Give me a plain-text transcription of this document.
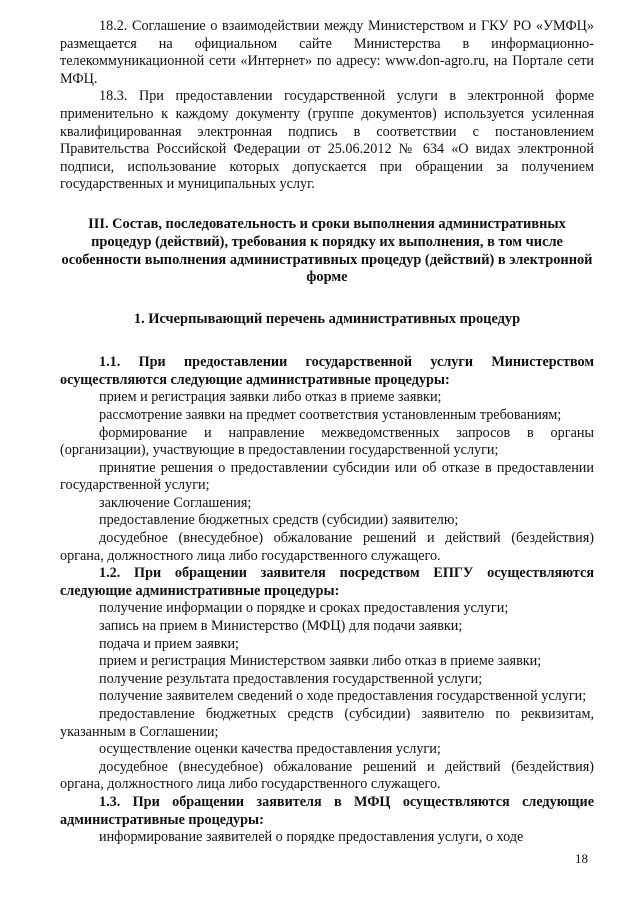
18.2. Соглашение о взаимодействии между Министерством и ГКУ РО «УМФЦ» размещается на официальном сайте Министерства в информационно-телекоммуникационной сети «Интернет» по адресу: www.don-agro.ru, на Портале сети МФЦ.

18.3. При предоставлении государственной услуги в электронной форме применительно к каждому документу (группе документов) используется усиленная квалифицированная электронная подпись в соответствии с постановлением Правительства Российской Федерации от 25.06.2012 № 634 «О видах электронной подписи, использование которых допускается при обращении за получением государственных и муниципальных услуг.

III. Состав, последовательность и сроки выполнения административных процедур (действий), требования к порядку их выполнения, в том числе особенности выполнения административных процедур (действий) в электронной форме
1. Исчерпывающий перечень административных процедур

1.1. При предоставлении государственной услуги Министерством осуществляются следующие административные процедуры:

прием и регистрация заявки либо отказ в приеме заявки;

рассмотрение заявки на предмет соответствия установленным требованиям;

формирование и направление межведомственных запросов в органы (организации), участвующие в предоставлении государственной услуги;

принятие решения о предоставлении субсидии или об отказе в предоставлении государственной услуги;

заключение Соглашения;

предоставление бюджетных средств (субсидии) заявителю;

досудебное (внесудебное) обжалование решений и действий (бездействия) органа, должностного лица либо государственного служащего.

1.2. При обращении заявителя посредством ЕПГУ осуществляются следующие административные процедуры:

получение информации о порядке и сроках предоставления услуги;

запись на прием в Министерство (МФЦ) для подачи заявки;

подача и прием заявки;

прием и регистрация Министерством заявки либо отказ в приеме заявки;

получение результата предоставления государственной услуги;

получение заявителем сведений о ходе предоставления государственной услуги;

предоставление бюджетных средств (субсидии) заявителю по реквизитам, указанным в Соглашении;

осуществление оценки качества предоставления услуги;

досудебное (внесудебное) обжалование решений и действий (бездействия) органа, должностного лица либо государственного служащего.

1.3. При обращении заявителя в МФЦ осуществляются следующие административные процедуры:

информирование заявителей о порядке предоставления услуги, о ходе

18
